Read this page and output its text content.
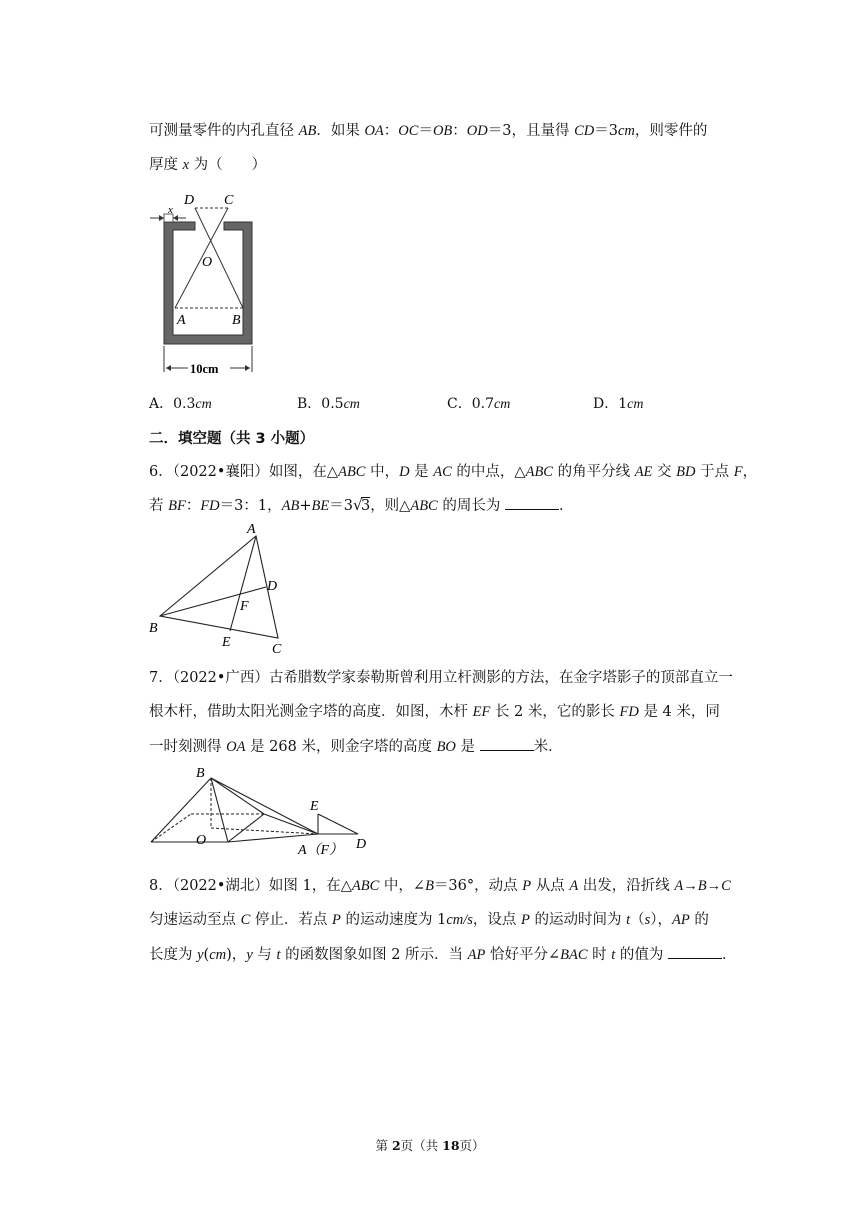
可测量零件的内孔直径 AB．如果 OA：OC＝OB：OD＝3，且量得 CD＝3cm，则零件的
厚度 x 为（　　）
D C
x
O
A	B
10cm
A．0.3cm	B．0.5cm	C．0.7cm	D．1cm
二．填空题（共 3 小题）
6．（2022•襄阳）如图，在△ABC 中，D 是 AC 的中点，△ABC 的角平分线 AE 交 BD 于点 F，
若 BF：FD＝3：1，AB+BE＝3 √
3，则△ABC 的周长为	．
A
B
C
D
E
F
7．（2022•广西）古希腊数学家泰勒斯曾利用立杆测影的方法，在金字塔影子的顶部直立一
根木杆，借助太阳光测金字塔的高度．如图，木杆 EF 长 2 米，它的影长 FD 是 4 米，同
一时刻测得 OA 是 268 米，则金字塔的高度 BO 是	米．
B
E
O
A（F） D
8．（2022•湖北）如图 1，在△ABC 中，∠B＝36°，动点 P 从点 A 出发，沿折线 A→B→C
匀速运动至点 C 停止．若点 P 的运动速度为 1cm/s，设点 P 的运动时间为 t（s），AP 的
长度为 y(cm)，y 与 t 的函数图象如图 2 所示．当 AP 恰好平分∠BAC 时 t 的值为	．
第 2页（共 18页）
